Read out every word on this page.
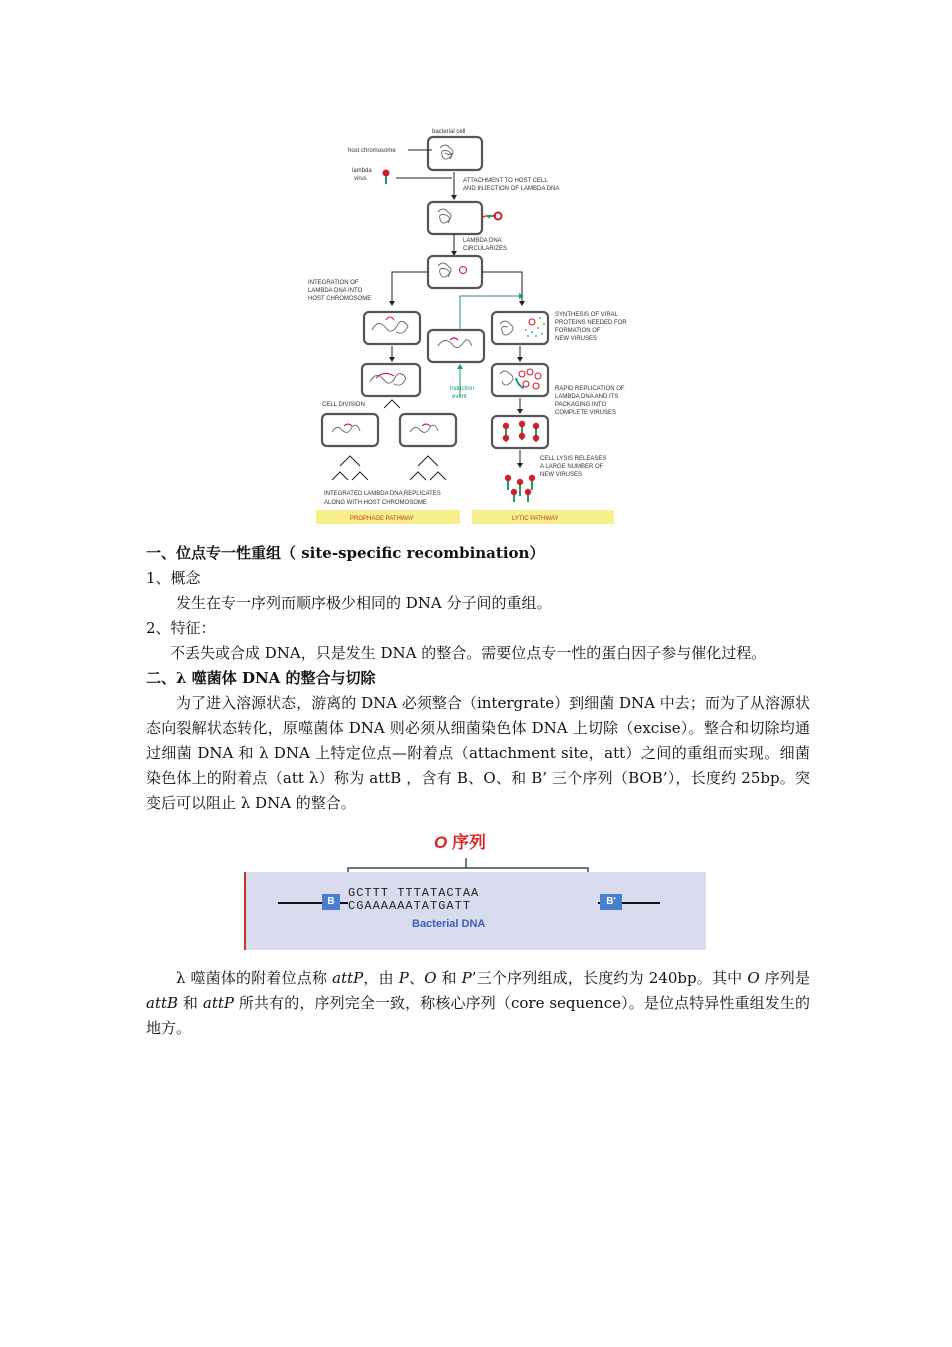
bacterial cell
host chromosome
lambda
virus	ATTACHMENT TO HOST CELL
AND INJECTION OF LAMBDA DNA
LAMBDA DNA
CIRCULARIZES
INTEGRATION OF
LAMBDA DNA INTO
HOST CHROMOSOME
CELL DIVISION
INTEGRATED LAMBDA DNA REPLICATES
ALONG WITH HOST CHROMOSOME
PROPHAGE PATHWAY
induction
event
SYNTHESIS OF VIRAL
PROTEINS NEEDED FOR
FORMATION OF
NEW VIRUSES
RAPID REPLICATION OF
LAMBDA DNA AND ITS
PACKAGING INTO
COMPLETE VIRUSES
CELL LYSIS RELEASES
A LARGE NUMBER OF
NEW VIRUSES
LYTIC PATHWAY
一、位点专一性重组（ site-specific recombination）
1、概念
发生在专一序列而顺序极少相同的 DNA 分子间的重组。
2、特征：
不丢失或合成 DNA，只是发生 DNA 的整合。需要位点专一性的蛋白因子参与催化过程。
二、λ 噬菌体 DNA 的整合与切除
为了进入溶源状态，游离的 DNA 必须整合（intergrate）到细菌 DNA 中去；而为了从溶源状态向裂解状态转化，原噬菌体 DNA 则必须从细菌染色体 DNA 上切除（excise）。整合和切除均通过细菌 DNA 和 λ DNA 上特定位点—附着点（attachment site，att）之间的重组而实现。细菌染色体上的附着点（att λ）称为 attB ，含有 B、O、和 B’ 三个序列（BOB’），长度约 25bp。突变后可以阻止 λ DNA 的整合。
O 序列
B	B'
GCTTT TTTATACTAA
CGAAAAAATATGATT
Bacterial DNA
λ 噬菌体的附着位点称 attP，由 P、O 和 P’三个序列组成，长度约为 240bp。其中 O 序列是 attB 和 attP 所共有的，序列完全一致，称核心序列（core sequence）。是位点特异性重组发生的地方。
